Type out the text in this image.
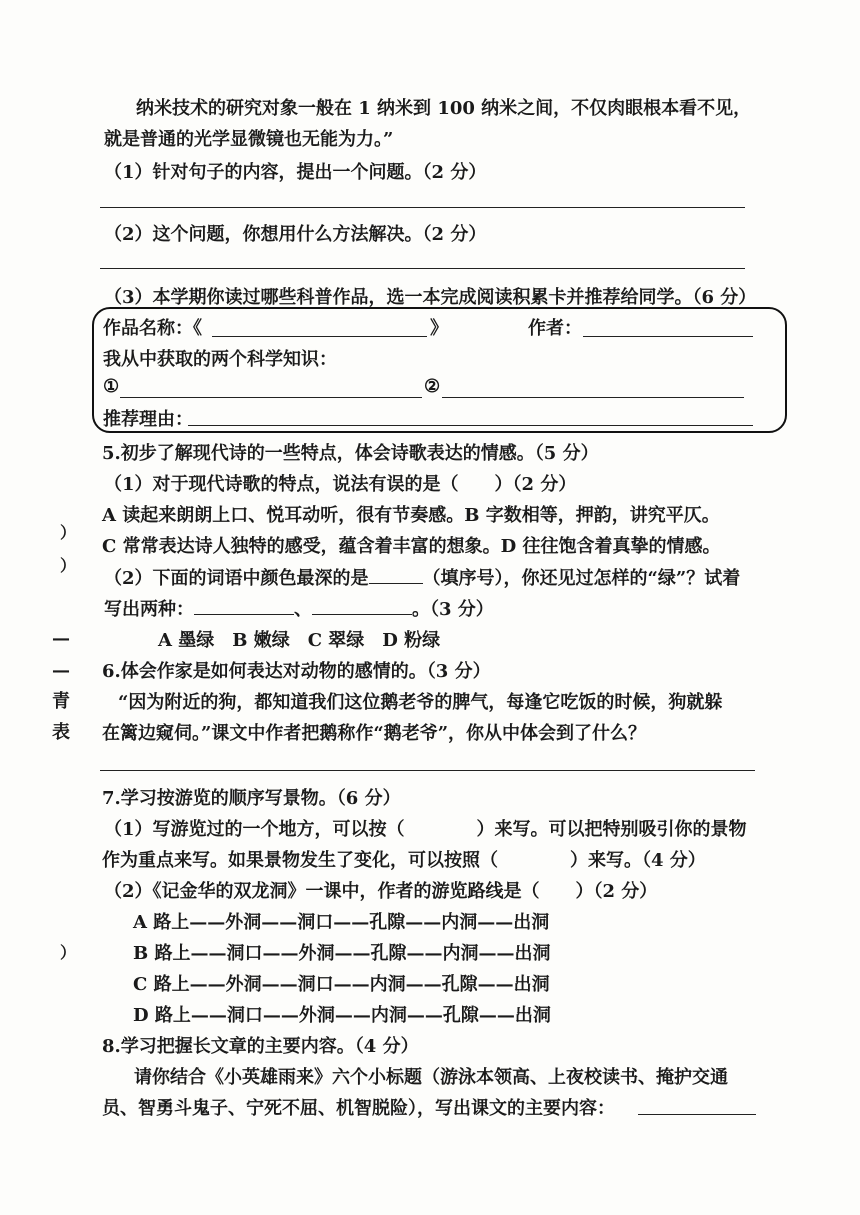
纳米技术的研究对象一般在 1 纳米到 100 纳米之间，不仅肉眼根本看不见，
就是普通的光学显微镜也无能为力。”
（1）针对句子的内容，提出一个问题。（2 分）
（2）这个问题，你想用什么方法解决。（2 分）
（3）本学期你读过哪些科普作品，选一本完成阅读积累卡并推荐给同学。（6 分）
作品名称：《	》	作者：
我从中获取的两个科学知识：
①	②
推荐理由：
5.初步了解现代诗的一些特点，体会诗歌表达的情感。（5 分）
（1）对于现代诗歌的特点，说法有误的是（　　）（2 分）
A 读起来朗朗上口、悦耳动听，很有节奏感。B 字数相等，押韵，讲究平仄。
C 常常表达诗人独特的感受，蕴含着丰富的想象。D 往往饱含着真挚的情感。
（2）下面的词语中颜色最深的是	（填序号），你还见过怎样的“绿”？试着
写出两种：	、	。（3 分）
A 墨绿　B 嫩绿　C 翠绿　D 粉绿
6.体会作家是如何表达对动物的感情的。（3 分）
“因为附近的狗，都知道我们这位鹅老爷的脾气，每逢它吃饭的时候，狗就躲
在篱边窥伺。”课文中作者把鹅称作“鹅老爷”，你从中体会到了什么？
7.学习按游览的顺序写景物。（6 分）
（1）写游览过的一个地方，可以按（　　　　）来写。可以把特别吸引你的景物
作为重点来写。如果景物发生了变化，可以按照（　　　　）来写。（4 分）
（2）《记金华的双龙洞》一课中，作者的游览路线是（　　）（2 分）
A 路上——外洞——洞口——孔隙——内洞——出洞
B 路上——洞口——外洞——孔隙——内洞——出洞
C 路上——外洞——洞口——内洞——孔隙——出洞
D 路上——洞口——外洞——内洞——孔隙——出洞
8.学习把握长文章的主要内容。（4 分）
请你结合《小英雄雨来》六个小标题（游泳本领高、上夜校读书、掩护交通
员、智勇斗鬼子、宁死不屈、机智脱险），写出课文的主要内容：
）
）
—
—
青
表
）
